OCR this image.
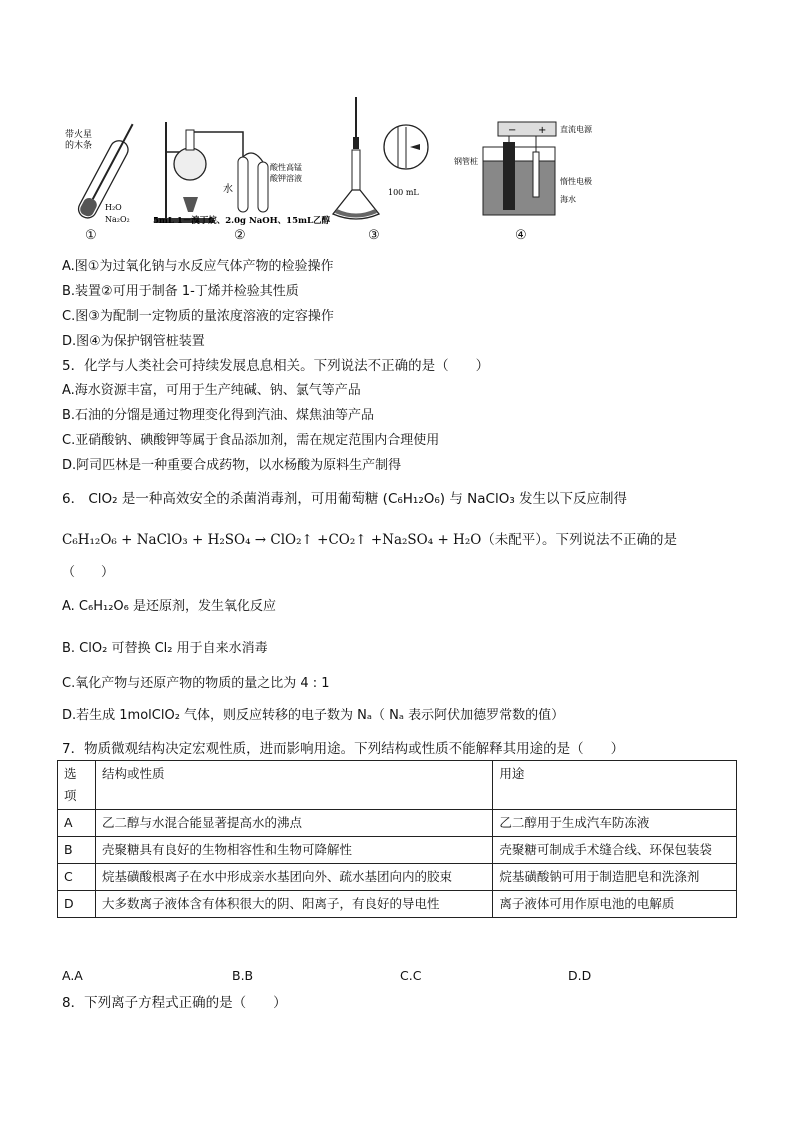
带火星
的木条
H₂O
Na₂O₂
水
酸性高锰
酸钾溶液
5mL 1－溴丁烷、2.0g NaOH、15mL乙醇
100 mL
− + 直流电源
钢管桩
惰性电极
海水
①	②	③	④
A.图①为过氧化钠与水反应气体产物的检验操作
B.装置②可用于制备 1-丁烯并检验其性质
C.图③为配制一定物质的量浓度溶液的定容操作
D.图④为保护钢管桩装置
5．化学与人类社会可持续发展息息相关。下列说法不正确的是（　　）
A.海水资源丰富，可用于生产纯碱、钠、氯气等产品
B.石油的分馏是通过物理变化得到汽油、煤焦油等产品
C.亚硝酸钠、碘酸钾等属于食品添加剂，需在规定范围内合理使用
D.阿司匹林是一种重要合成药物，以水杨酸为原料生产制得
6． ClO₂ 是一种高效安全的杀菌消毒剂，可用葡萄糖 (C₆H₁₂O₆) 与 NaClO₃ 发生以下反应制得
C₆H₁₂O₆ + NaClO₃ + H₂SO₄ → ClO₂↑ +CO₂↑ +Na₂SO₄ + H₂O（未配平）。下列说法不正确的是
（　　）
A. C₆H₁₂O₆ 是还原剂，发生氧化反应
B. ClO₂ 可替换 Cl₂ 用于自来水消毒
C.氧化产物与还原产物的物质的量之比为 4 : 1
D.若生成 1molClO₂ 气体，则反应转移的电子数为 Nₐ（ Nₐ 表示阿伏加德罗常数的值）
7．物质微观结构决定宏观性质，进而影响用途。下列结构或性质不能解释其用途的是（　　）
选项	结构或性质	用途
A	乙二醇与水混合能显著提高水的沸点	乙二醇用于生成汽车防冻液
B	壳聚糖具有良好的生物相容性和生物可降解性	壳聚糖可制成手术缝合线、环保包装袋
C	烷基磺酸根离子在水中形成亲水基团向外、疏水基团向内的胶束	烷基磺酸钠可用于制造肥皂和洗涤剂
D	大多数离子液体含有体积很大的阴、阳离子，有良好的导电性	离子液体可用作原电池的电解质
A.A	B.B	C.C	D.D
8．下列离子方程式正确的是（　　）
